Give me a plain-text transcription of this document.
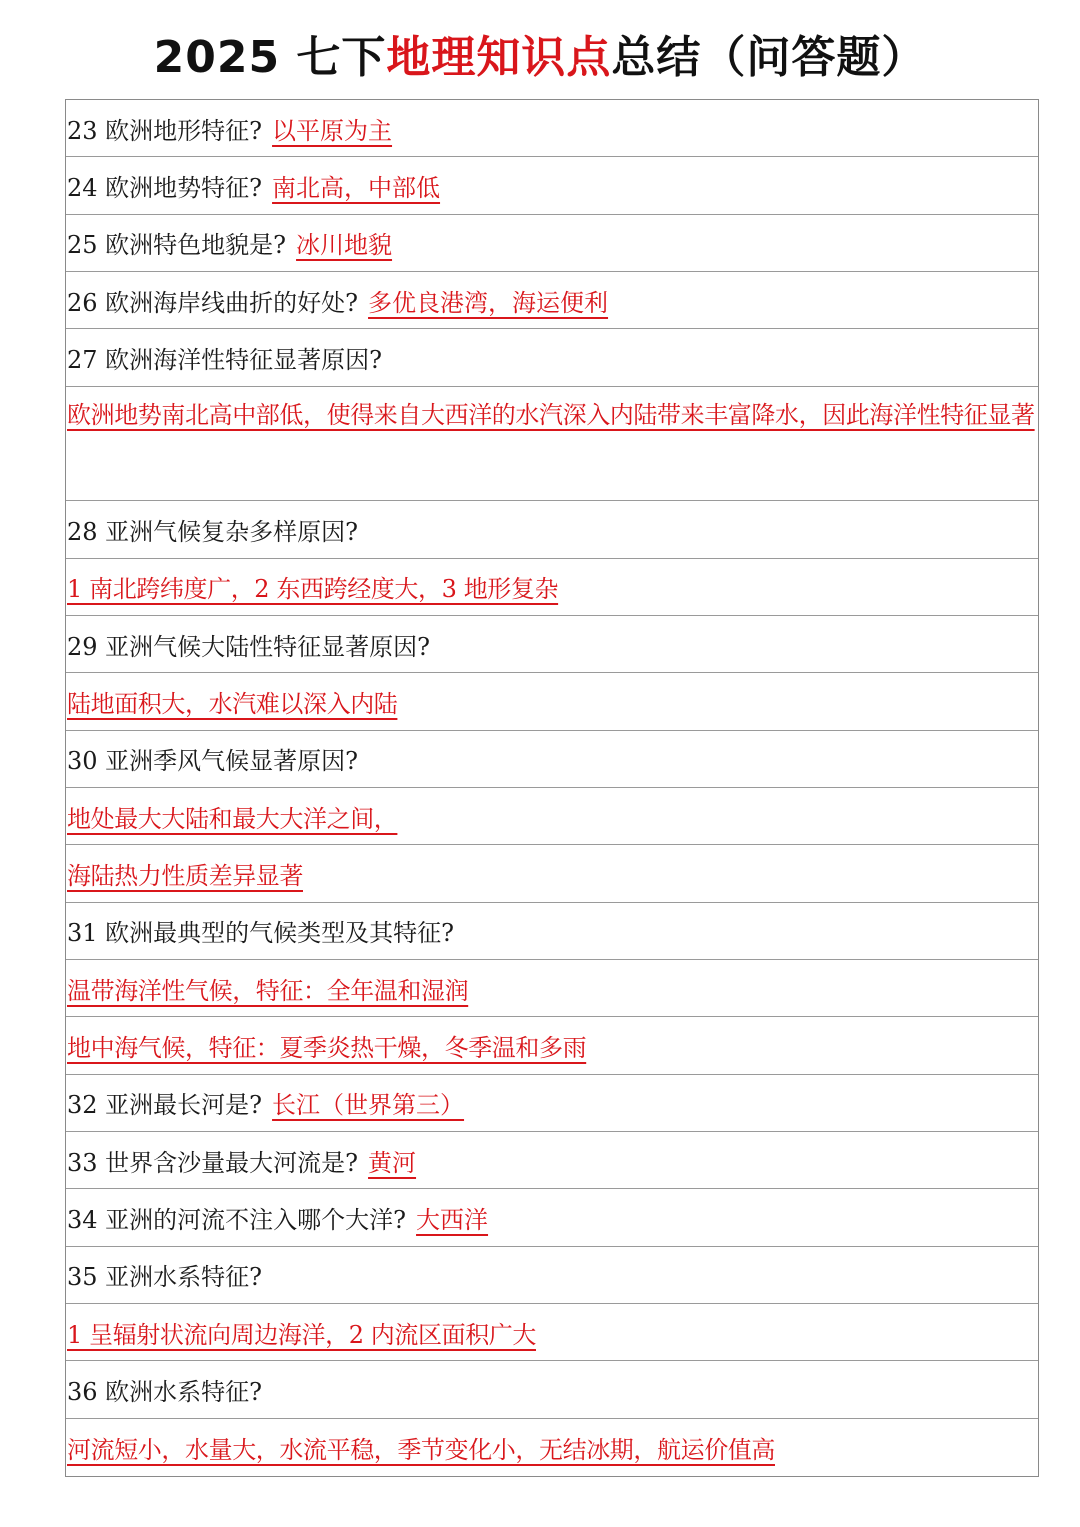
2025 七下地理知识点总结（问答题）
23 欧洲地形特征? 以平原为主
24 欧洲地势特征? 南北高，中部低
25 欧洲特色地貌是? 冰川地貌
26 欧洲海岸线曲折的好处? 多优良港湾，海运便利
27 欧洲海洋性特征显著原因?
欧洲地势南北高中部低，使得来自大西洋的水汽深入内陆带来丰富降水，因此海洋性特征显著
28 亚洲气候复杂多样原因?
1 南北跨纬度广，2 东西跨经度大，3 地形复杂
29 亚洲气候大陆性特征显著原因?
陆地面积大，水汽难以深入内陆
30 亚洲季风气候显著原因?
地处最大大陆和最大大洋之间，
海陆热力性质差异显著
31 欧洲最典型的气候类型及其特征?
温带海洋性气候，特征：全年温和湿润
地中海气候，特征：夏季炎热干燥，冬季温和多雨
32 亚洲最长河是? 长江（世界第三）
33 世界含沙量最大河流是? 黄河
34 亚洲的河流不注入哪个大洋? 大西洋
35 亚洲水系特征?
1 呈辐射状流向周边海洋，2 内流区面积广大
36 欧洲水系特征?
河流短小，水量大，水流平稳，季节变化小，无结冰期，航运价值高
